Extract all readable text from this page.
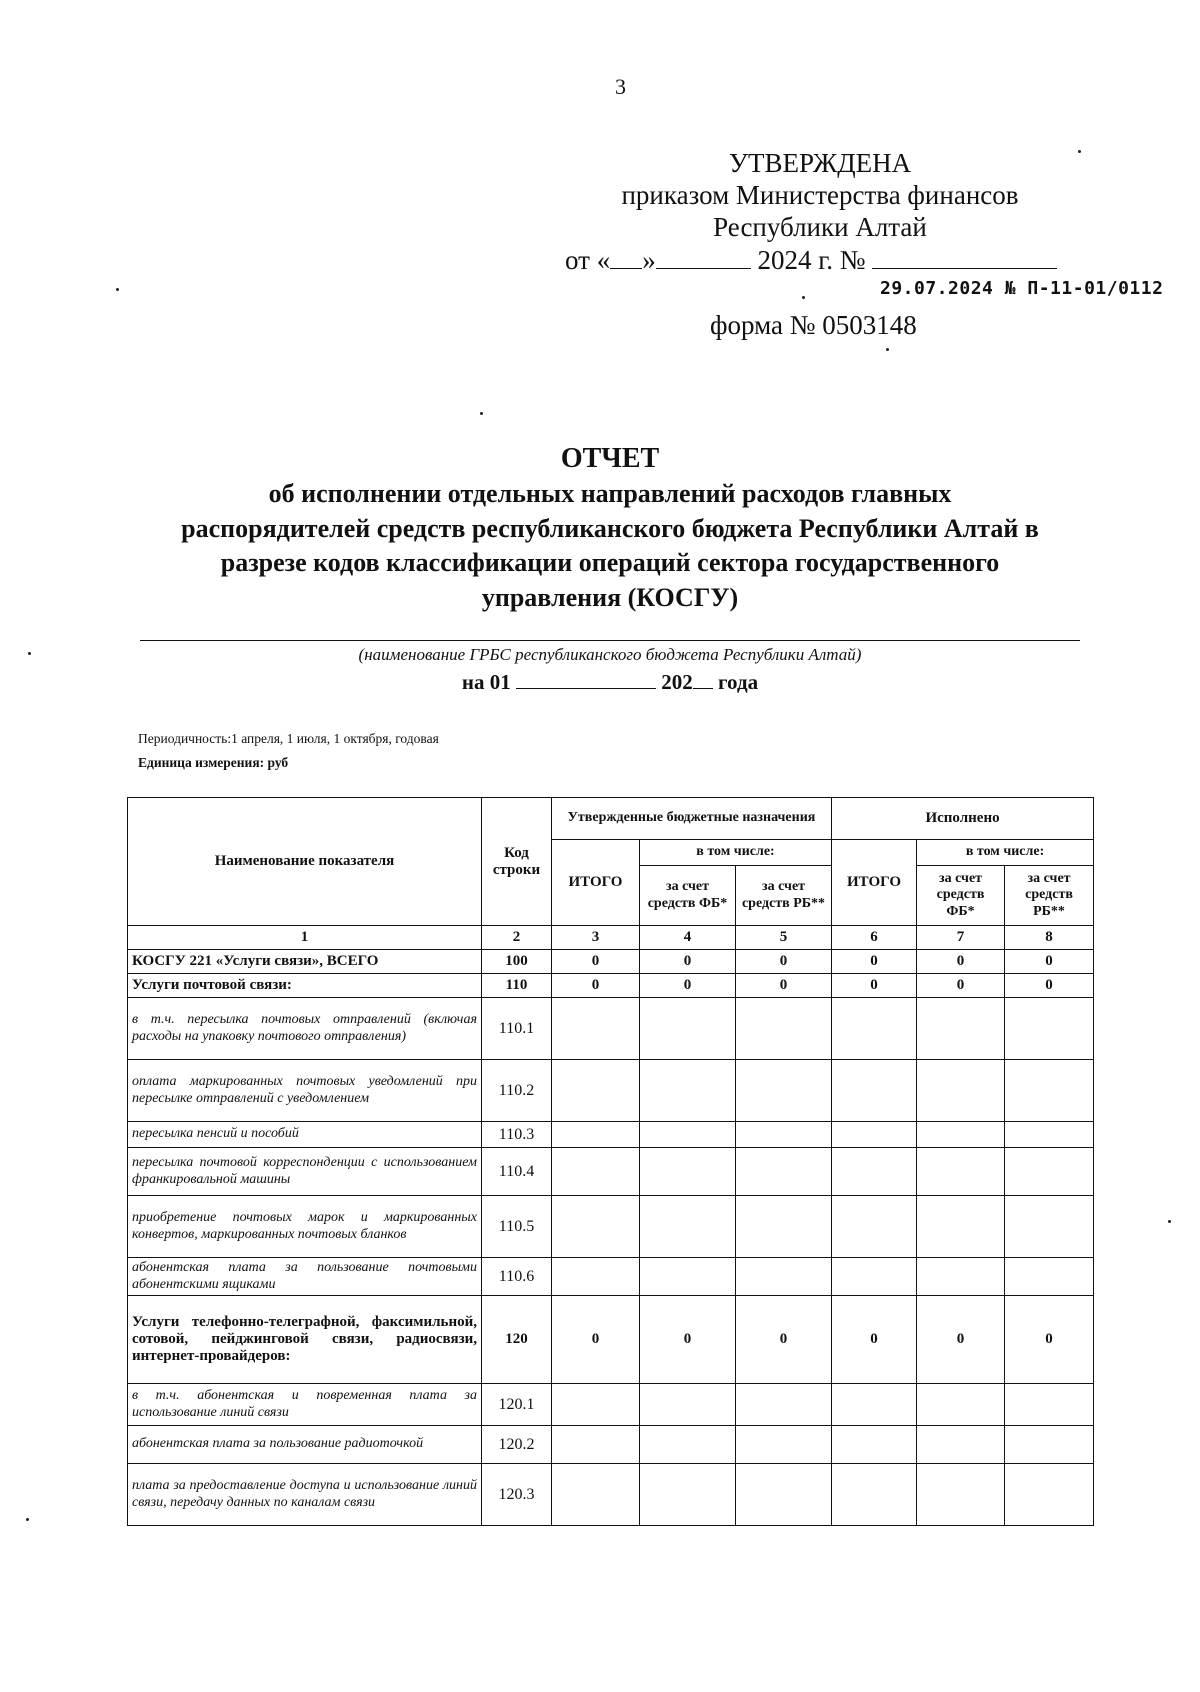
3
УТВЕРЖДЕНА
приказом Министерства финансов
Республики Алтай
от « »	2024 г. №
29.07.2024 № П-11-01/0112
форма № 0503148
ОТЧЕТ
об исполнении отдельных направлений расходов главных
распорядителей средств республиканского бюджета Республики Алтай в
разрезе кодов классификации операций сектора государственного
управления (КОСГУ)
(наименование ГРБС республиканского бюджета Республики Алтай)
на 01	202 года
Периодичность:1 апреля, 1 июля, 1 октября, годовая
Единица измерения: руб
Наименование показателя	Код строки	Утвержденные бюджетные назначения			Исполнено		
		ИТОГО	в том числе:		ИТОГО	в том числе:	
			за счет средств ФБ*	за счет средств РБ**		за счет средств ФБ*	за счет средств РБ**
1	2	3	4	5	6	7	8
КОСГУ 221 «Услуги связи», ВСЕГО	100	0	0	0	0	0	0
Услуги почтовой связи:	110	0	0	0	0	0	0
в т.ч. пересылка почтовых отправлений (включая расходы на упаковку почтового отправления)	110.1						
оплата маркированных почтовых уведомлений при пересылке отправлений с уведомлением	110.2						
пересылка пенсий и пособий	110.3						
пересылка почтовой корреспонденции с использованием франкировальной машины	110.4						
приобретение почтовых марок и маркированных конвертов, маркированных почтовых бланков	110.5						
абонентская плата за пользование почтовыми абонентскими ящиками	110.6						
Услуги телефонно-телеграфной, факсимильной, сотовой, пейджинговой связи, радиосвязи, интернет-провайдеров:	120	0	0	0	0	0	0
в т.ч. абонентская и повременная плата за использование линий связи	120.1						
абонентская плата за пользование радиоточкой	120.2						
плата за предоставление доступа и использование линий связи, передачу данных по каналам связи	120.3						
